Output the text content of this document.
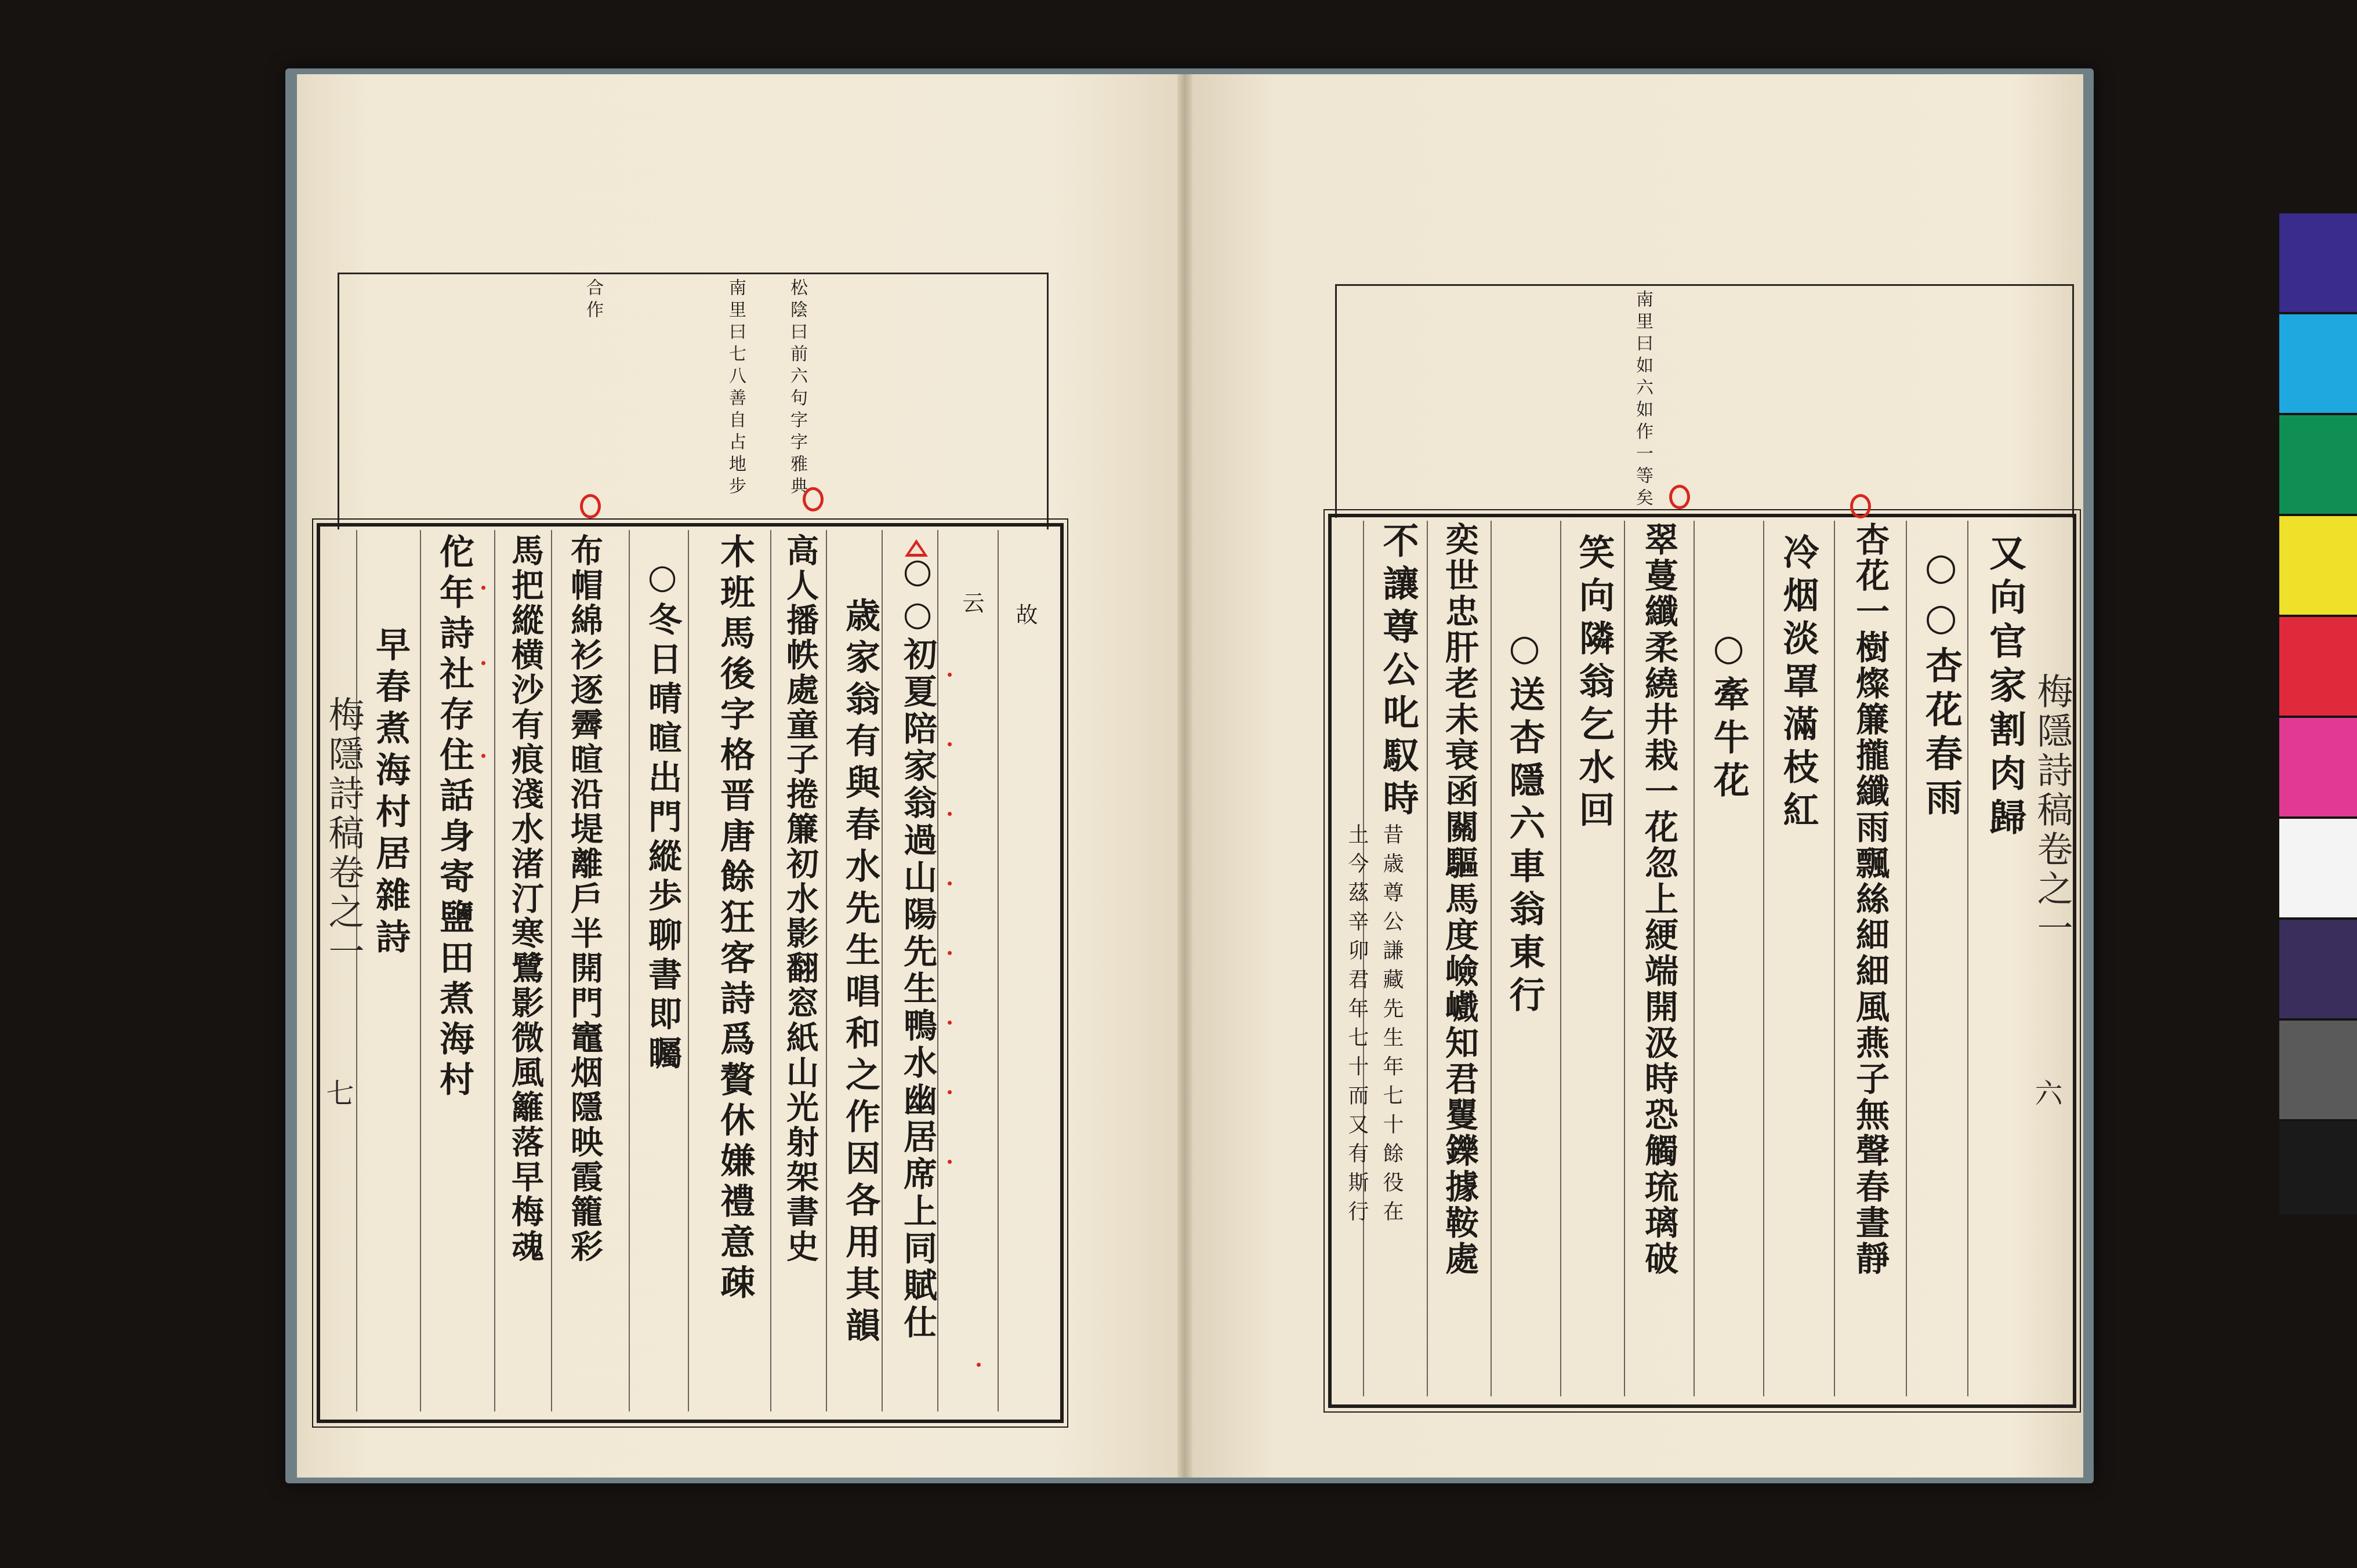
松陰曰前六句字字雅典
南里曰七八善自占地步
合作
故
云
○○初夏陪家翁過山陽先生鴨水幽居席上同賦仕
歳家翁有與春水先生唱和之作因各用其韻
高人播帙處童子捲簾初水影翻窓紙山光射架書史
木班馬後字格晋唐餘狂客詩爲贅休嫌禮意疎
○冬日晴暄出門縱歩聊書即矚
布帽綿衫逐霽暄沿堤離戶半開門竈烟隱映霞籠彩
馬把縱横沙有痕淺水渚汀寒鷺影微風籬落早梅魂
佗年詩社存住話身寄鹽田煮海村
早春煮海村居雜詩
梅隱詩稿卷之一
七
南里曰如六如作一等矣
又向官家割肉歸
○○杏花春雨
杏花一樹燦簾攏纖雨飄絲細細風燕子無聲春晝靜
冷烟淡罩滿枝紅
○牽牛花
翠蔓纖柔繞井栽一花忽上綆端開汲時恐觸琉璃破
笑向隣翁乞水回
○送杏隱六車翁東行
奕世忠肝老未衰函關驅馬度嶮巇知君矍鑠據鞍處
不讓尊公叱馭時
昔歳尊公謙藏先生年七十餘役在
土今茲辛卯君年七十而又有斯行
梅隱詩稿卷之一
六
